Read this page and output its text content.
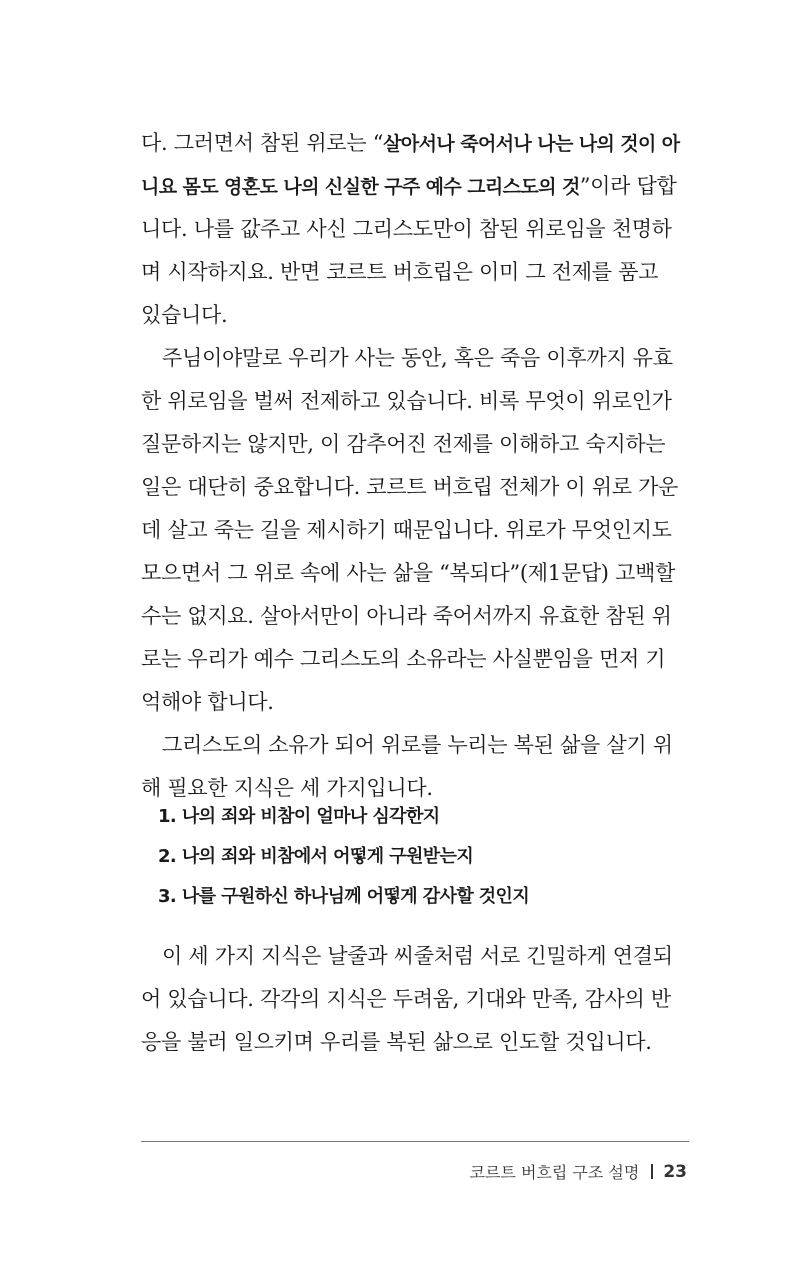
다. 그러면서 참된 위로는 “살아서나 죽어서나 나는 나의 것이 아
니요 몸도 영혼도 나의 신실한 구주 예수 그리스도의 것”이라 답합
니다. 나를 값주고 사신 그리스도만이 참된 위로임을 천명하
며 시작하지요. 반면 코르트 버흐립은 이미 그 전제를 품고
있습니다.
주님이야말로 우리가 사는 동안, 혹은 죽음 이후까지 유효
한 위로임을 벌써 전제하고 있습니다. 비록 무엇이 위로인가
질문하지는 않지만, 이 감추어진 전제를 이해하고 숙지하는
일은 대단히 중요합니다. 코르트 버흐립 전체가 이 위로 가운
데 살고 죽는 길을 제시하기 때문입니다. 위로가 무엇인지도
모으면서 그 위로 속에 사는 삶을 “복되다”(제1문답) 고백할
수는 없지요. 살아서만이 아니라 죽어서까지 유효한 참된 위
로는 우리가 예수 그리스도의 소유라는 사실뿐임을 먼저 기
억해야 합니다.
그리스도의 소유가 되어 위로를 누리는 복된 삶을 살기 위
해 필요한 지식은 세 가지입니다.
1. 나의 죄와 비참이 얼마나 심각한지
2. 나의 죄와 비참에서 어떻게 구원받는지
3. 나를 구원하신 하나님께 어떻게 감사할 것인지
이 세 가지 지식은 날줄과 씨줄처럼 서로 긴밀하게 연결되
어 있습니다. 각각의 지식은 두려움, 기대와 만족, 감사의 반
응을 불러 일으키며 우리를 복된 삶으로 인도할 것입니다.
코르트 버흐립 구조 설명 23
